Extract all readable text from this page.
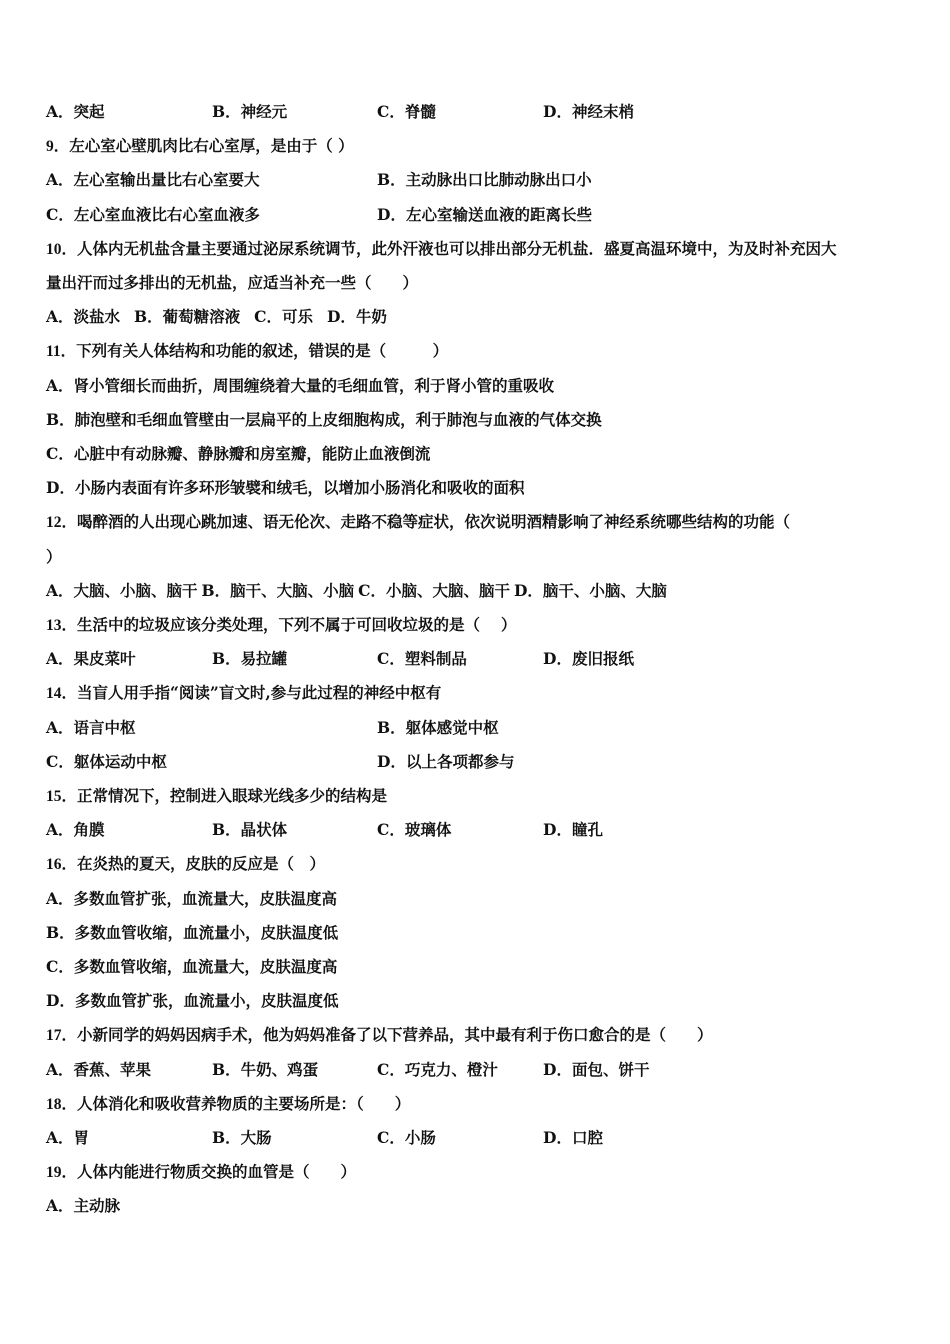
A．突起	B．神经元	C．脊髓	D．神经末梢
9．左心室心壁肌肉比右心室厚，是由于（ ）
A．左心室输出量比右心室要大	B．主动脉出口比肺动脉出口小
C．左心室血液比右心室血液多	D．左心室输送血液的距离长些
10．人体内无机盐含量主要通过泌尿系统调节，此外汗液也可以排出部分无机盐．盛夏高温环境中，为及时补充因大
量出汗而过多排出的无机盐，应适当补充一些（　　）
A．淡盐水 B．葡萄糖溶液 C．可乐 D．牛奶
11．下列有关人体结构和功能的叙述，错误的是（　　　）
A．肾小管细长而曲折，周围缠绕着大量的毛细血管，利于肾小管的重吸收
B．肺泡壁和毛细血管壁由一层扁平的上皮细胞构成，利于肺泡与血液的气体交换
C．心脏中有动脉瓣、静脉瓣和房室瓣，能防止血液倒流
D．小肠内表面有许多环形皱襞和绒毛，以增加小肠消化和吸收的面积
12．喝醉酒的人出现心跳加速、语无伦次、走路不稳等症状，依次说明酒精影响了神经系统哪些结构的功能（
）
A．大脑、小脑、脑干 B．脑干、大脑、小脑 C．小脑、大脑、脑干 D．脑干、小脑、大脑
13．生活中的垃圾应该分类处理，下列不属于可回收垃圾的是（　 ）
A．果皮菜叶	B．易拉罐	C．塑料制品	D．废旧报纸
14．当盲人用手指“阅读”盲文时,参与此过程的神经中枢有
A．语言中枢	B．躯体感觉中枢
C．躯体运动中枢	D．以上各项都参与
15．正常情况下，控制进入眼球光线多少的结构是
A．角膜	B．晶状体	C．玻璃体	D．瞳孔
16．在炎热的夏天，皮肤的反应是（　）
A．多数血管扩张，血流量大，皮肤温度高
B．多数血管收缩，血流量小，皮肤温度低
C．多数血管收缩，血流量大，皮肤温度高
D．多数血管扩张，血流量小，皮肤温度低
17．小新同学的妈妈因病手术，他为妈妈准备了以下营养品，其中最有利于伤口愈合的是（　　）
A．香蕉、苹果	B．牛奶、鸡蛋	C．巧克力、橙汁	D．面包、饼干
18．人体消化和吸收营养物质的主要场所是：（　　）
A．胃	B．大肠	C．小肠	D．口腔
19．人体内能进行物质交换的血管是（　　）
A．主动脉
